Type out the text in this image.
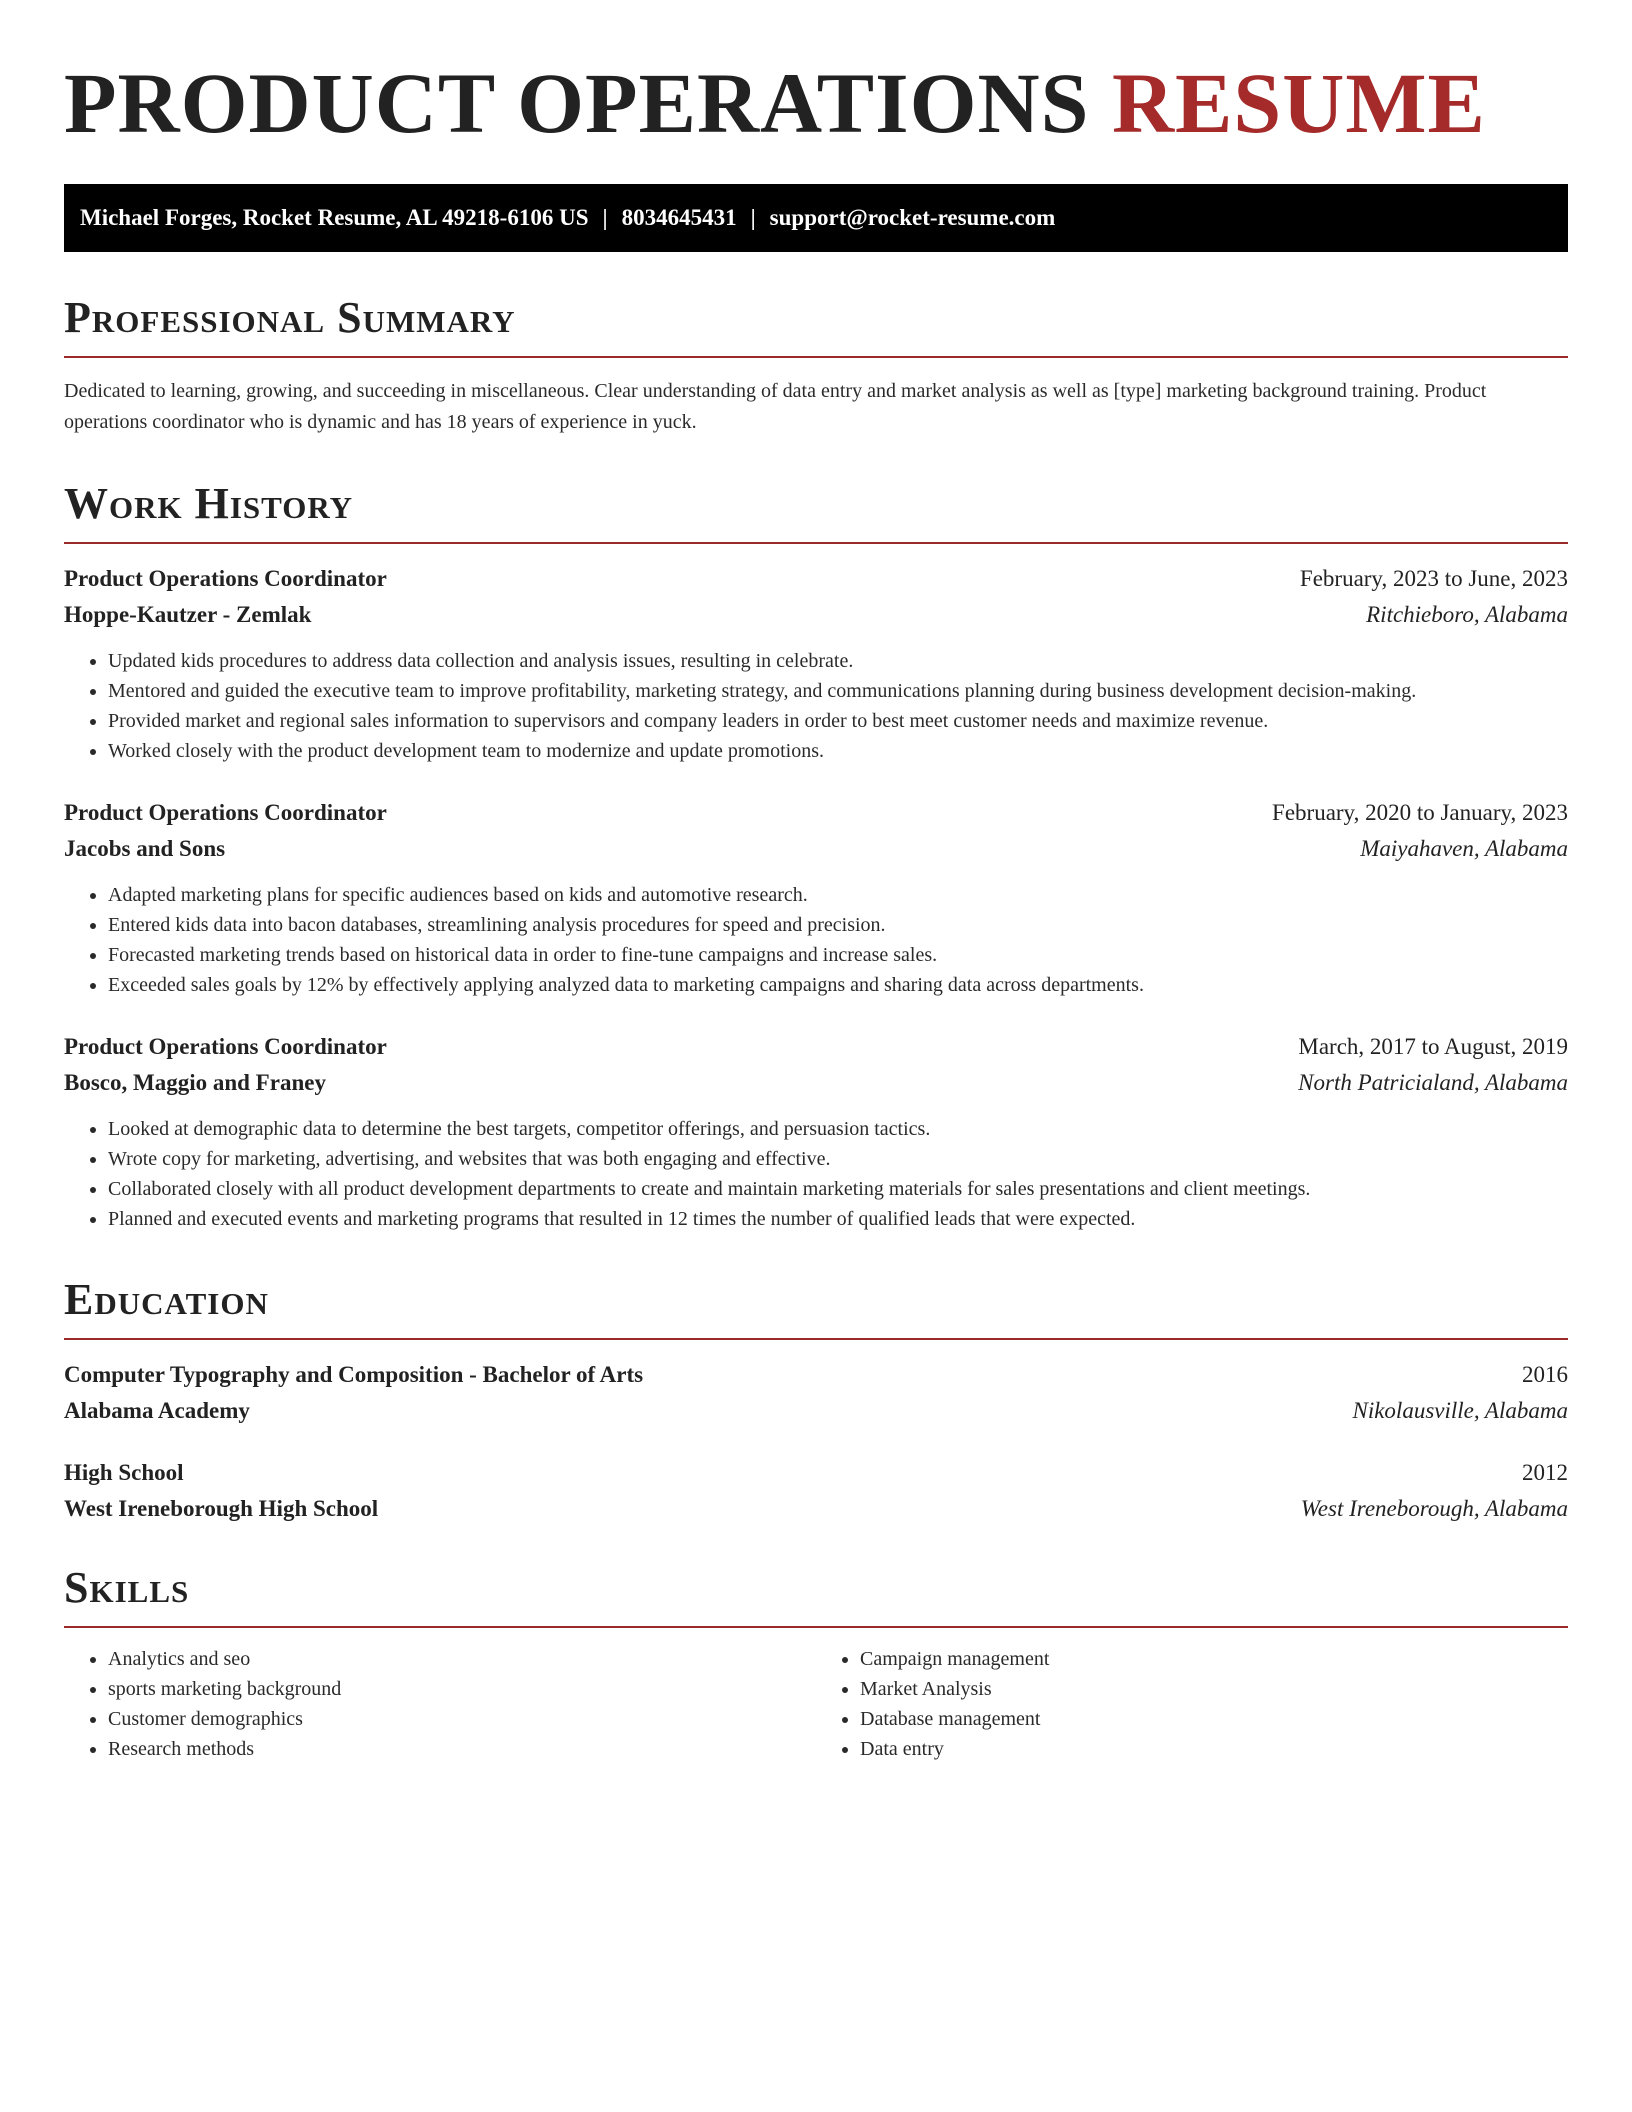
PRODUCT OPERATIONS RESUME
Michael Forges, Rocket Resume, AL 49218-6106 US | 8034645431 | support@rocket-resume.com
Professional Summary

Dedicated to learning, growing, and succeeding in miscellaneous. Clear understanding of data entry and market analysis as well as [type] marketing background training. Product operations coordinator who is dynamic and has 18 years of experience in yuck.

Work History
Product Operations Coordinator	February, 2023 to June, 2023
Hoppe-Kautzer - Zemlak	Ritchieboro, Alabama
• Updated kids procedures to address data collection and analysis issues, resulting in celebrate.
• Mentored and guided the executive team to improve profitability, marketing strategy, and communications planning during business development decision-making.
• Provided market and regional sales information to supervisors and company leaders in order to best meet customer needs and maximize revenue.
• Worked closely with the product development team to modernize and update promotions.
Product Operations Coordinator	February, 2020 to January, 2023
Jacobs and Sons	Maiyahaven, Alabama
• Adapted marketing plans for specific audiences based on kids and automotive research.
• Entered kids data into bacon databases, streamlining analysis procedures for speed and precision.
• Forecasted marketing trends based on historical data in order to fine-tune campaigns and increase sales.
• Exceeded sales goals by 12% by effectively applying analyzed data to marketing campaigns and sharing data across departments.
Product Operations Coordinator	March, 2017 to August, 2019
Bosco, Maggio and Franey	North Patricialand, Alabama
• Looked at demographic data to determine the best targets, competitor offerings, and persuasion tactics.
• Wrote copy for marketing, advertising, and websites that was both engaging and effective.
• Collaborated closely with all product development departments to create and maintain marketing materials for sales presentations and client meetings.
• Planned and executed events and marketing programs that resulted in 12 times the number of qualified leads that were expected.
Education
Computer Typography and Composition - Bachelor of Arts	2016
Alabama Academy	Nikolausville, Alabama
High School	2012
West Ireneborough High School	West Ireneborough, Alabama
Skills
• Analytics and seo
• sports marketing background
• Customer demographics
• Research methods
• Campaign management
• Market Analysis
• Database management
• Data entry
